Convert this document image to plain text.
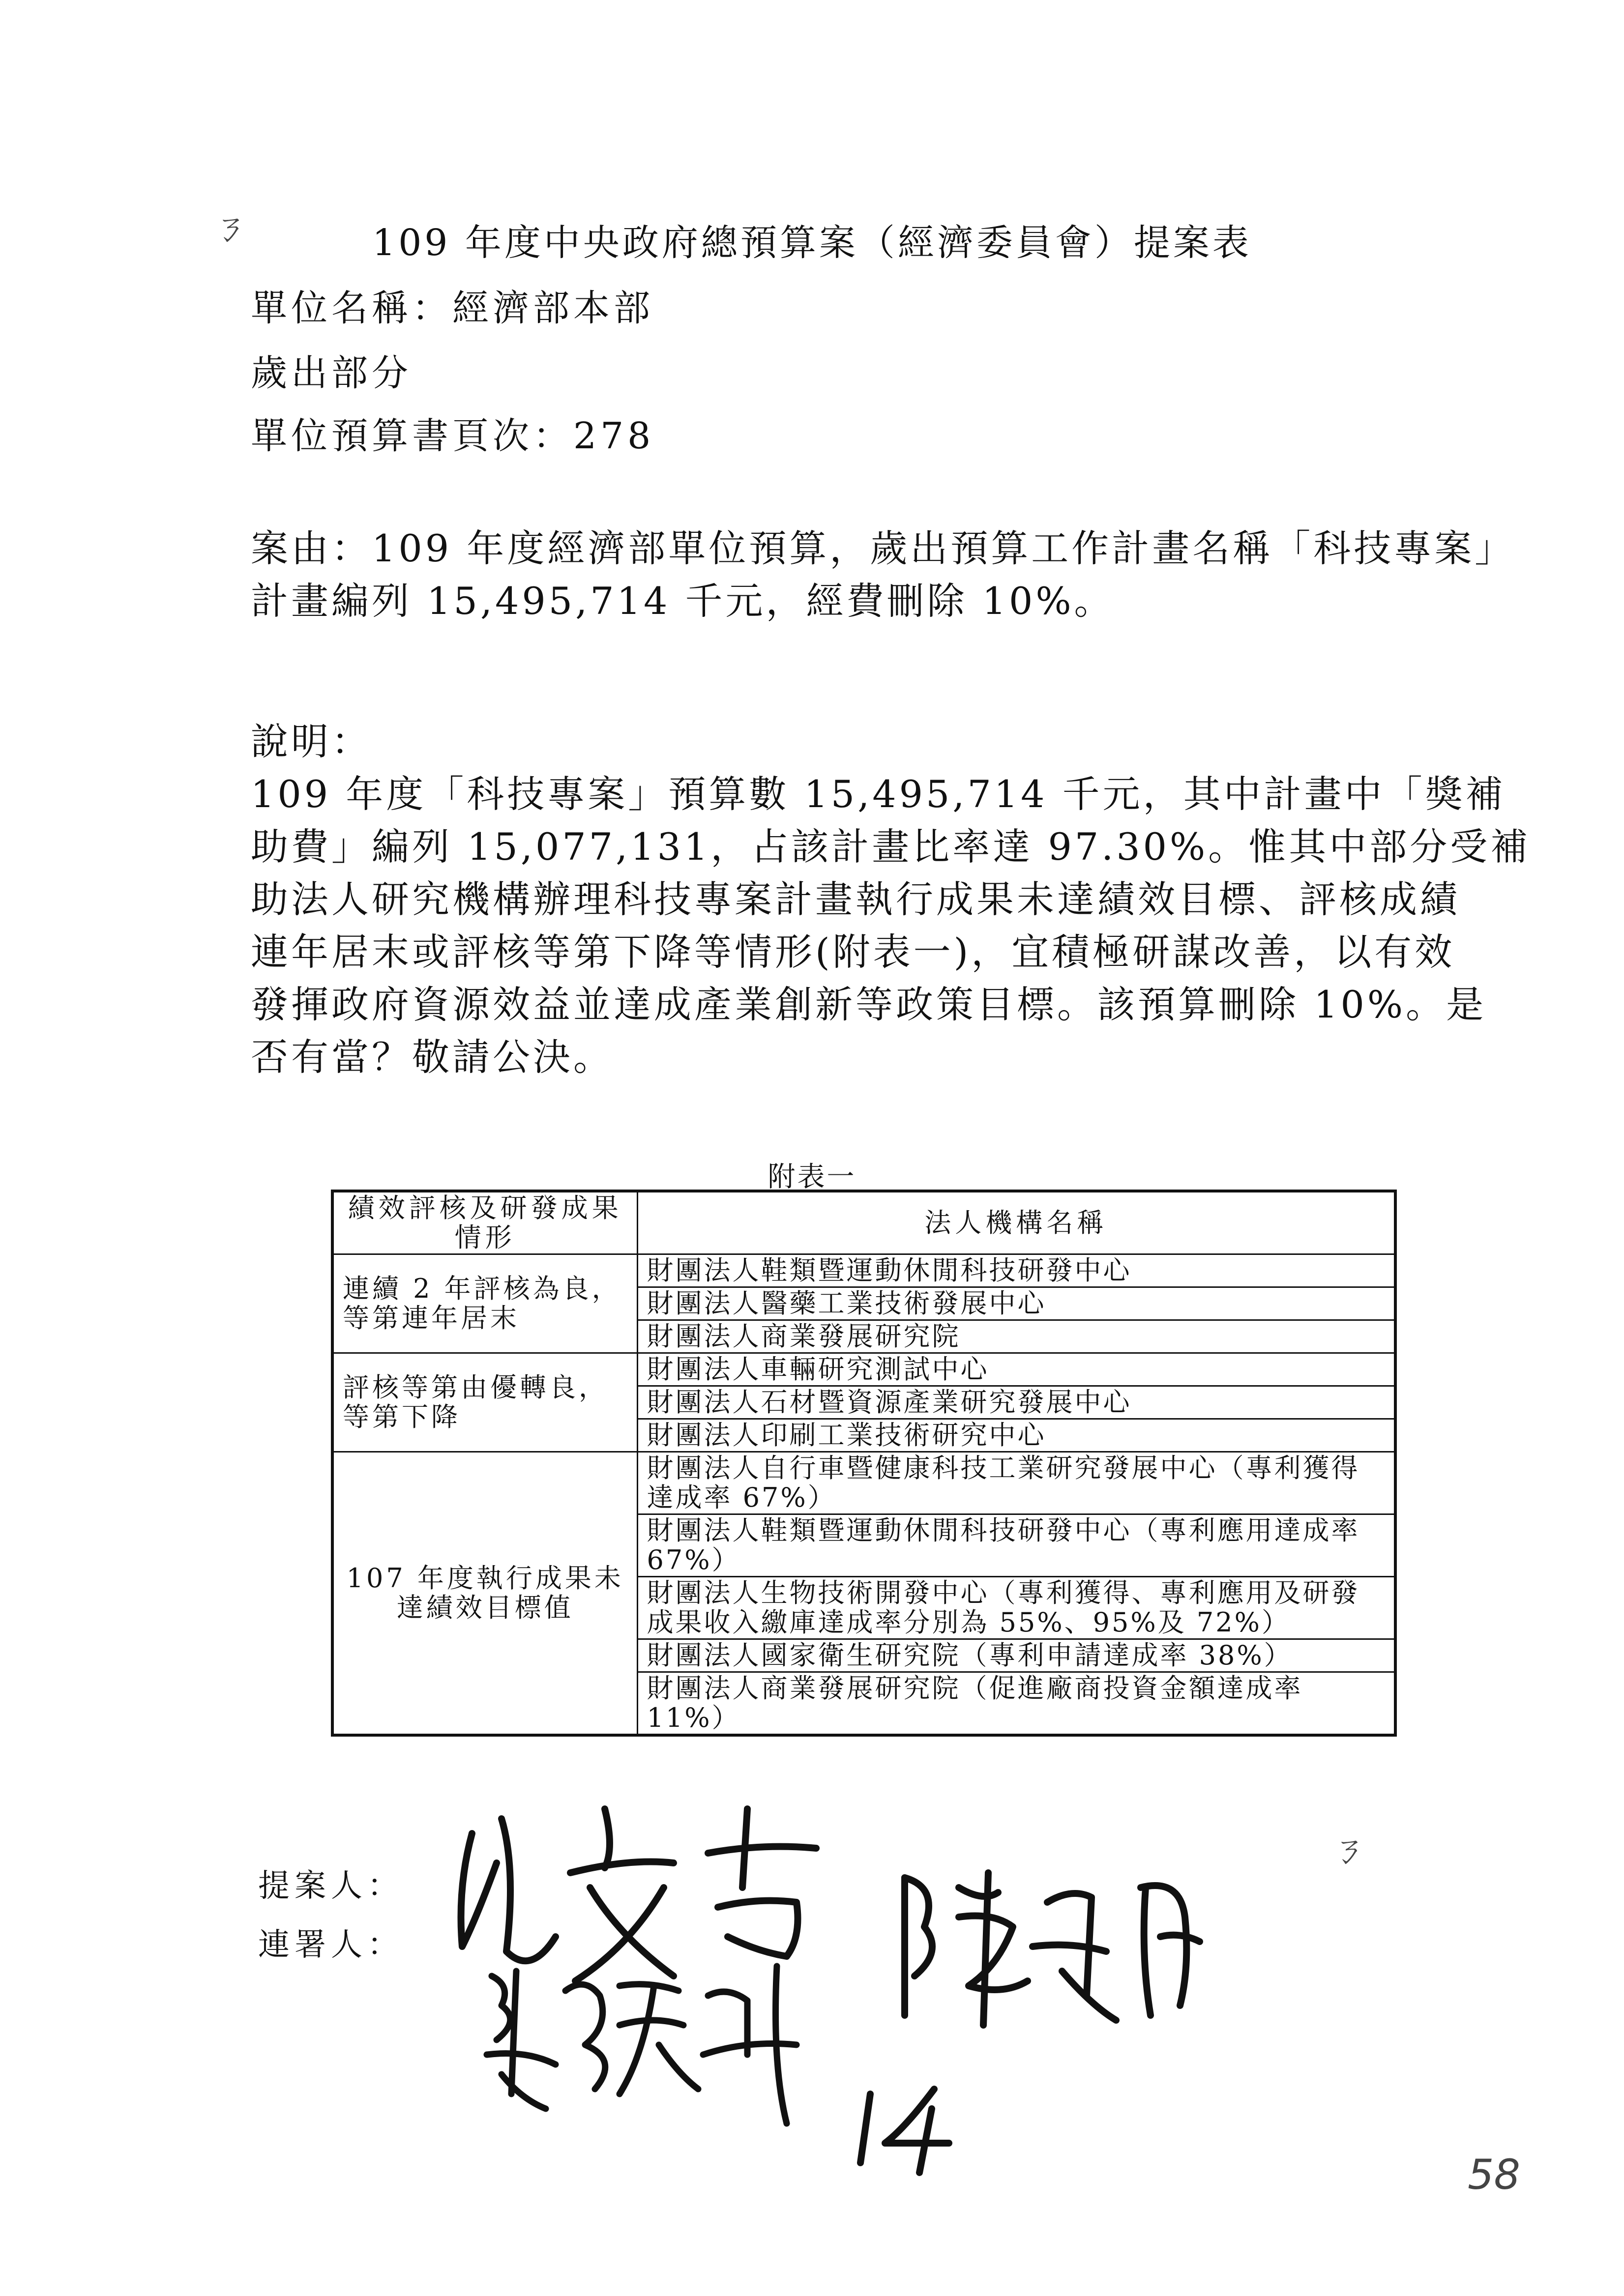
ㄋ
ㄋ
109 年度中央政府總預算案（經濟委員會）提案表
單位名稱：經濟部本部
歲出部分
單位預算書頁次：278
案由：109 年度經濟部單位預算，歲出預算工作計畫名稱「科技專案」
計畫編列 15,495,714 千元，經費刪除 10%。
說明：
109 年度「科技專案」預算數 15,495,714 千元，其中計畫中「獎補
助費」編列 15,077,131，占該計畫比率達 97.30%。惟其中部分受補
助法人研究機構辦理科技專案計畫執行成果未達績效目標、評核成績
連年居末或評核等第下降等情形(附表一)，宜積極研謀改善，以有效
發揮政府資源效益並達成產業創新等政策目標。該預算刪除 10%。是
否有當？敬請公決。
附表一
績效評核及研發成果情形	法人機構名稱
連續 2 年評核為良，等第連年居末	財團法人鞋類暨運動休閒科技研發中心
	財團法人醫藥工業技術發展中心
	財團法人商業發展研究院
評核等第由優轉良，等第下降	財團法人車輛研究測試中心
	財團法人石材暨資源產業研究發展中心
	財團法人印刷工業技術研究中心
107 年度執行成果未達績效目標值	財團法人自行車暨健康科技工業研究發展中心（專利獲得達成率 67%）
	財團法人鞋類暨運動休閒科技研發中心（專利應用達成率 67%）
	財團法人生物技術開發中心（專利獲得、專利應用及研發成果收入繳庫達成率分別為 55%、95%及 72%）
	財團法人國家衛生研究院（專利申請達成率 38%）
	財團法人商業發展研究院（促進廠商投資金額達成率 11%）
提案人：
連署人：
58
